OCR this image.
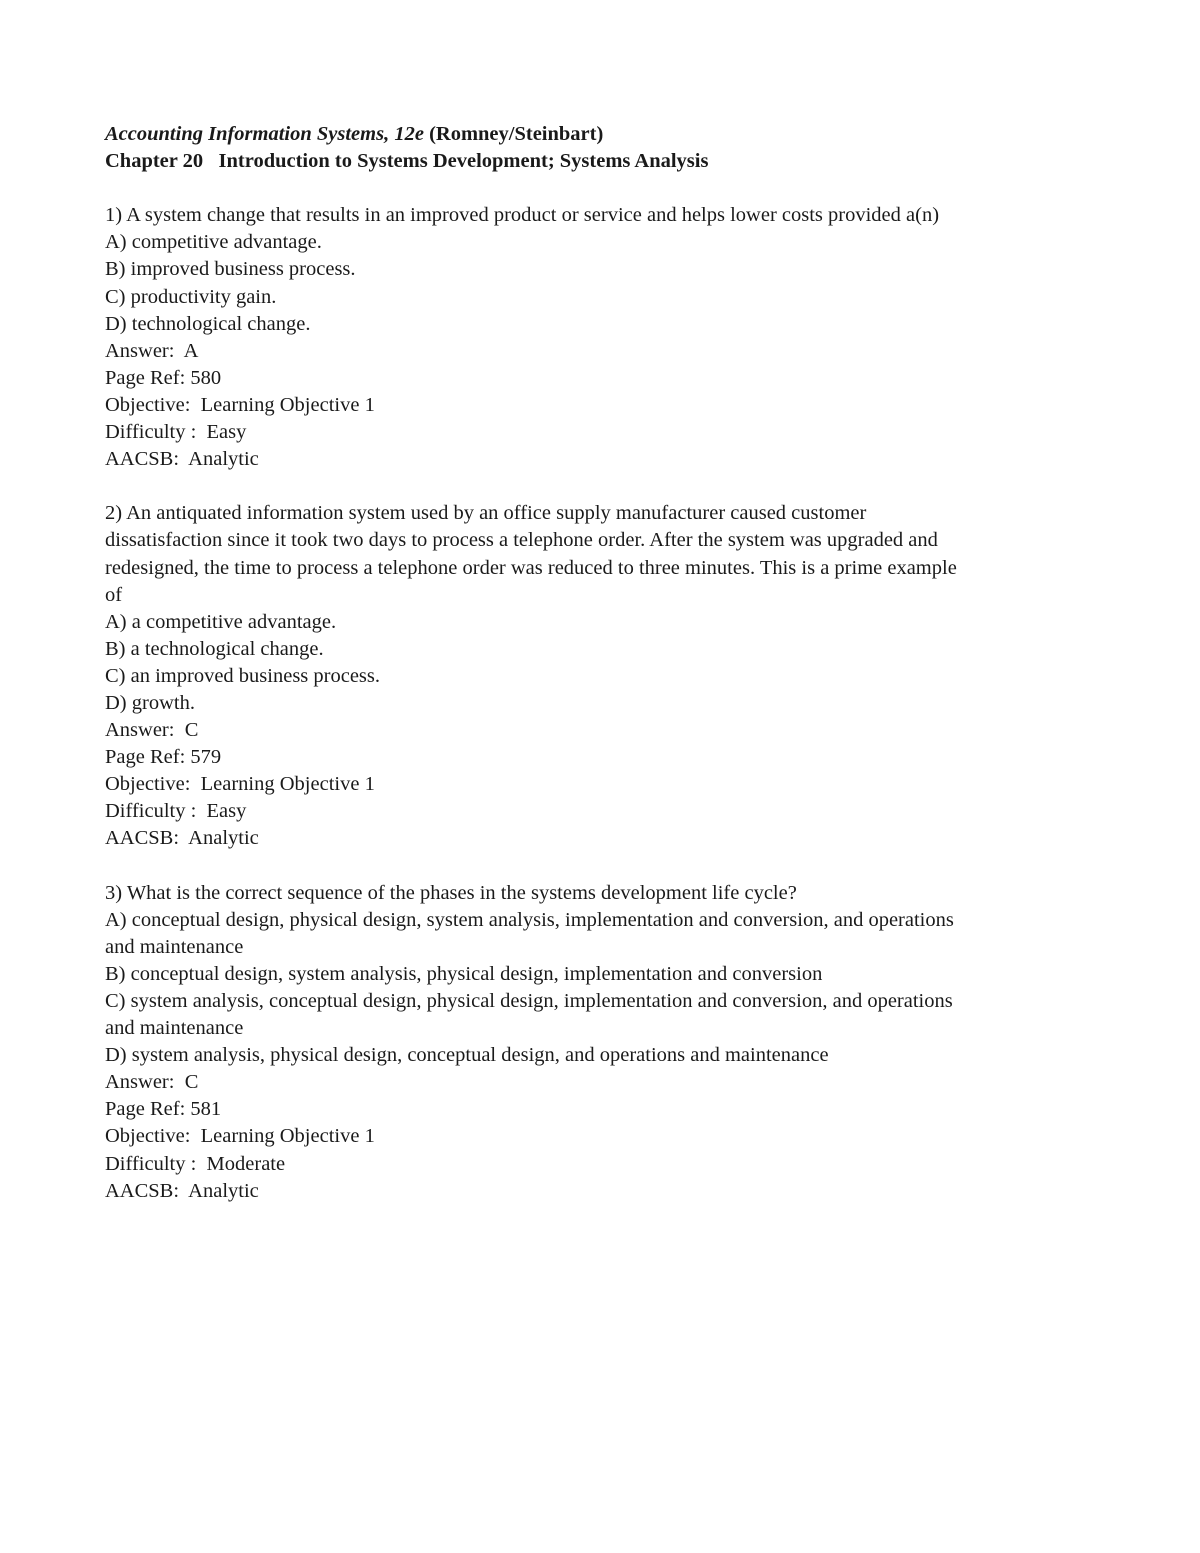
Accounting Information Systems, 12e (Romney/Steinbart)
Chapter 20   Introduction to Systems Development; Systems Analysis
1) A system change that results in an improved product or service and helps lower costs provided a(n)
A) competitive advantage.
B) improved business process.
C) productivity gain.
D) technological change.
Answer:  A
Page Ref: 580
Objective:  Learning Objective 1
Difficulty :  Easy
AACSB:  Analytic
2) An antiquated information system used by an office supply manufacturer caused customer
dissatisfaction since it took two days to process a telephone order. After the system was upgraded and
redesigned, the time to process a telephone order was reduced to three minutes. This is a prime example
of
A) a competitive advantage.
B) a technological change.
C) an improved business process.
D) growth.
Answer:  C
Page Ref: 579
Objective:  Learning Objective 1
Difficulty :  Easy
AACSB:  Analytic
3) What is the correct sequence of the phases in the systems development life cycle?
A) conceptual design, physical design, system analysis, implementation and conversion, and operations
and maintenance
B) conceptual design, system analysis, physical design, implementation and conversion
C) system analysis, conceptual design, physical design, implementation and conversion, and operations
and maintenance
D) system analysis, physical design, conceptual design, and operations and maintenance
Answer:  C
Page Ref: 581
Objective:  Learning Objective 1
Difficulty :  Moderate
AACSB:  Analytic
